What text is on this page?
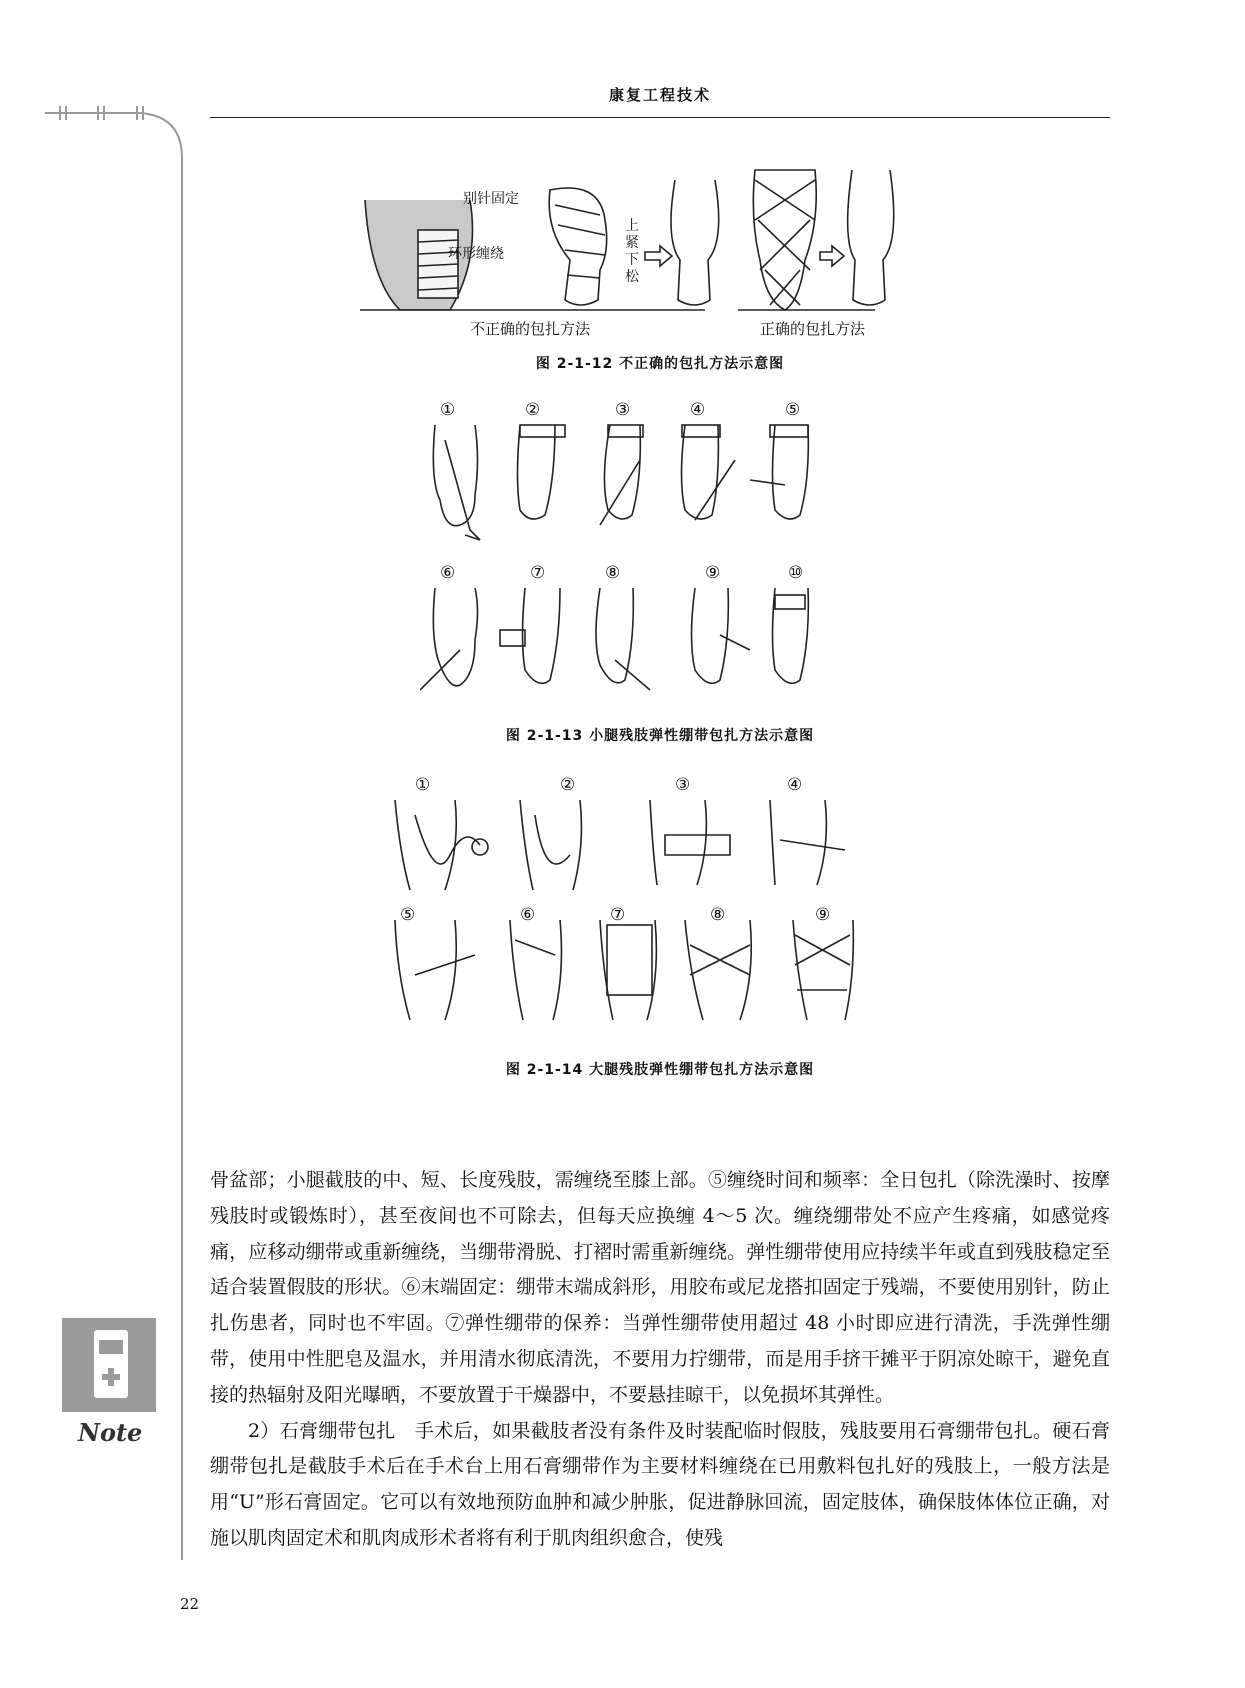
康复工程技术
别针固定
环形缠绕
上紧下松
不正确的包扎方法	正确的包扎方法
图 2-1-12 不正确的包扎方法示意图
①	②	③	④	⑤
⑥	⑦	⑧	⑨	⑩
图 2-1-13 小腿残肢弹性绷带包扎方法示意图
①	②	③	④
⑤	⑥	⑦	⑧	⑨
图 2-1-14 大腿残肢弹性绷带包扎方法示意图

骨盆部；小腿截肢的中、短、长度残肢，需缠绕至膝上部。⑤缠绕时间和频率：全日包扎（除洗澡时、按摩残肢时或锻炼时），甚至夜间也不可除去，但每天应换缠 4～5 次。缠绕绷带处不应产生疼痛，如感觉疼痛，应移动绷带或重新缠绕，当绷带滑脱、打褶时需重新缠绕。弹性绷带使用应持续半年或直到残肢稳定至适合装置假肢的形状。⑥末端固定：绷带末端成斜形，用胶布或尼龙搭扣固定于残端，不要使用别针，防止扎伤患者，同时也不牢固。⑦弹性绷带的保养：当弹性绷带使用超过 48 小时即应进行清洗，手洗弹性绷带，使用中性肥皂及温水，并用清水彻底清洗，不要用力拧绷带，而是用手挤干摊平于阴凉处晾干，避免直接的热辐射及阳光曝晒，不要放置于干燥器中，不要悬挂晾干，以免损坏其弹性。

2）石膏绷带包扎　手术后，如果截肢者没有条件及时装配临时假肢，残肢要用石膏绷带包扎。硬石膏绷带包扎是截肢手术后在手术台上用石膏绷带作为主要材料缠绕在已用敷料包扎好的残肢上，一般方法是用“U”形石膏固定。它可以有效地预防血肿和减少肿胀，促进静脉回流，固定肢体，确保肢体体位正确，对施以肌肉固定术和肌肉成形术者将有利于肌肉组织愈合，使残

Note
22
